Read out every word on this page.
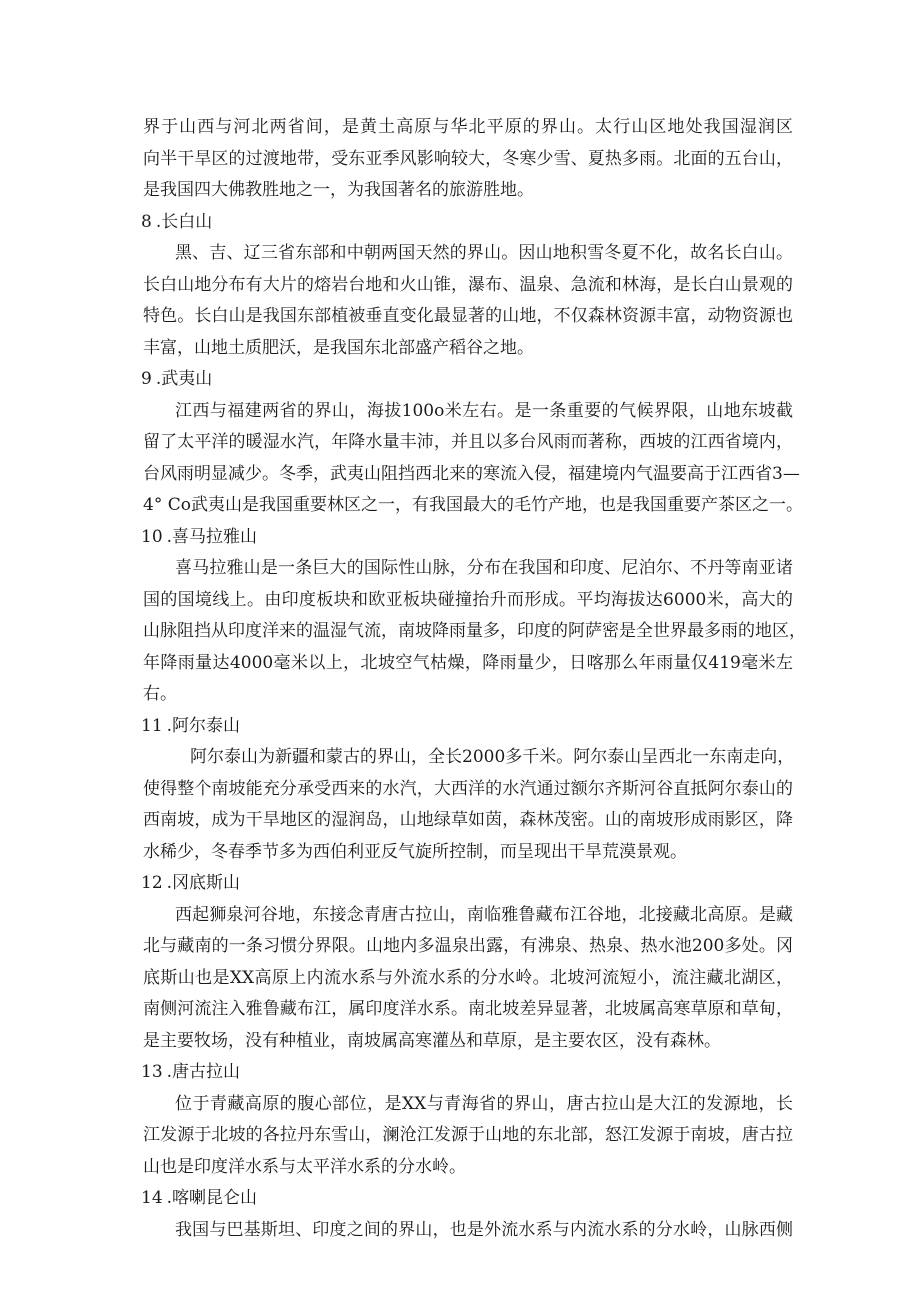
界于山西与河北两省间，是黄土高原与华北平原的界山。太行山区地处我国湿润区
向半干旱区的过渡地带，受东亚季风影响较大，冬寒少雪、夏热多雨。北面的五台山，
是我国四大佛教胜地之一，为我国著名的旅游胜地。
8 .长白山
黑、吉、辽三省东部和中朝两国天然的界山。因山地积雪冬夏不化，故名长白山。
长白山地分布有大片的熔岩台地和火山锥，瀑布、温泉、急流和林海，是长白山景观的
特色。长白山是我国东部植被垂直变化最显著的山地，不仅森林资源丰富，动物资源也
丰富，山地土质肥沃，是我国东北部盛产稻谷之地。
9 .武夷山
江西与福建两省的界山，海拔100o米左右。是一条重要的气候界限，山地东坡截
留了太平洋的暖湿水汽，年降水量丰沛，并且以多台风雨而著称，西坡的江西省境内，
台风雨明显减少。冬季，武夷山阻挡西北来的寒流入侵，福建境内气温要高于江西省3—
4° Co武夷山是我国重要林区之一，有我国最大的毛竹产地，也是我国重要产茶区之一。
10 .喜马拉雅山
喜马拉雅山是一条巨大的国际性山脉，分布在我国和印度、尼泊尔、不丹等南亚诸
国的国境线上。由印度板块和欧亚板块碰撞抬升而形成。平均海拔达6000米，高大的
山脉阻挡从印度洋来的温湿气流，南坡降雨量多，印度的阿萨密是全世界最多雨的地区，
年降雨量达4000毫米以上，北坡空气枯燥，降雨量少，日喀那么年雨量仅419毫米左
右。
11 .阿尔泰山
阿尔泰山为新疆和蒙古的界山，全长2000多千米。阿尔泰山呈西北一东南走向，
使得整个南坡能充分承受西来的水汽，大西洋的水汽通过额尔齐斯河谷直抵阿尔泰山的
西南坡，成为干旱地区的湿润岛，山地绿草如茵，森林茂密。山的南坡形成雨影区，降
水稀少，冬春季节多为西伯利亚反气旋所控制，而呈现出干旱荒漠景观。
12 .冈底斯山
西起狮泉河谷地，东接念青唐古拉山，南临雅鲁藏布江谷地，北接藏北高原。是藏
北与藏南的一条习惯分界限。山地内多温泉出露，有沸泉、热泉、热水池200多处。冈
底斯山也是XX高原上内流水系与外流水系的分水岭。北坡河流短小，流注藏北湖区，
南侧河流注入雅鲁藏布江，属印度洋水系。南北坡差异显著，北坡属高寒草原和草甸，
是主要牧场，没有种植业，南坡属高寒灌丛和草原，是主要农区，没有森林。
13 .唐古拉山
位于青藏高原的腹心部位，是XX与青海省的界山，唐古拉山是大江的发源地，长
江发源于北坡的各拉丹东雪山，澜沧江发源于山地的东北部，怒江发源于南坡，唐古拉
山也是印度洋水系与太平洋水系的分水岭。
14 .喀喇昆仑山
我国与巴基斯坦、印度之间的界山，也是外流水系与内流水系的分水岭，山脉西侧
